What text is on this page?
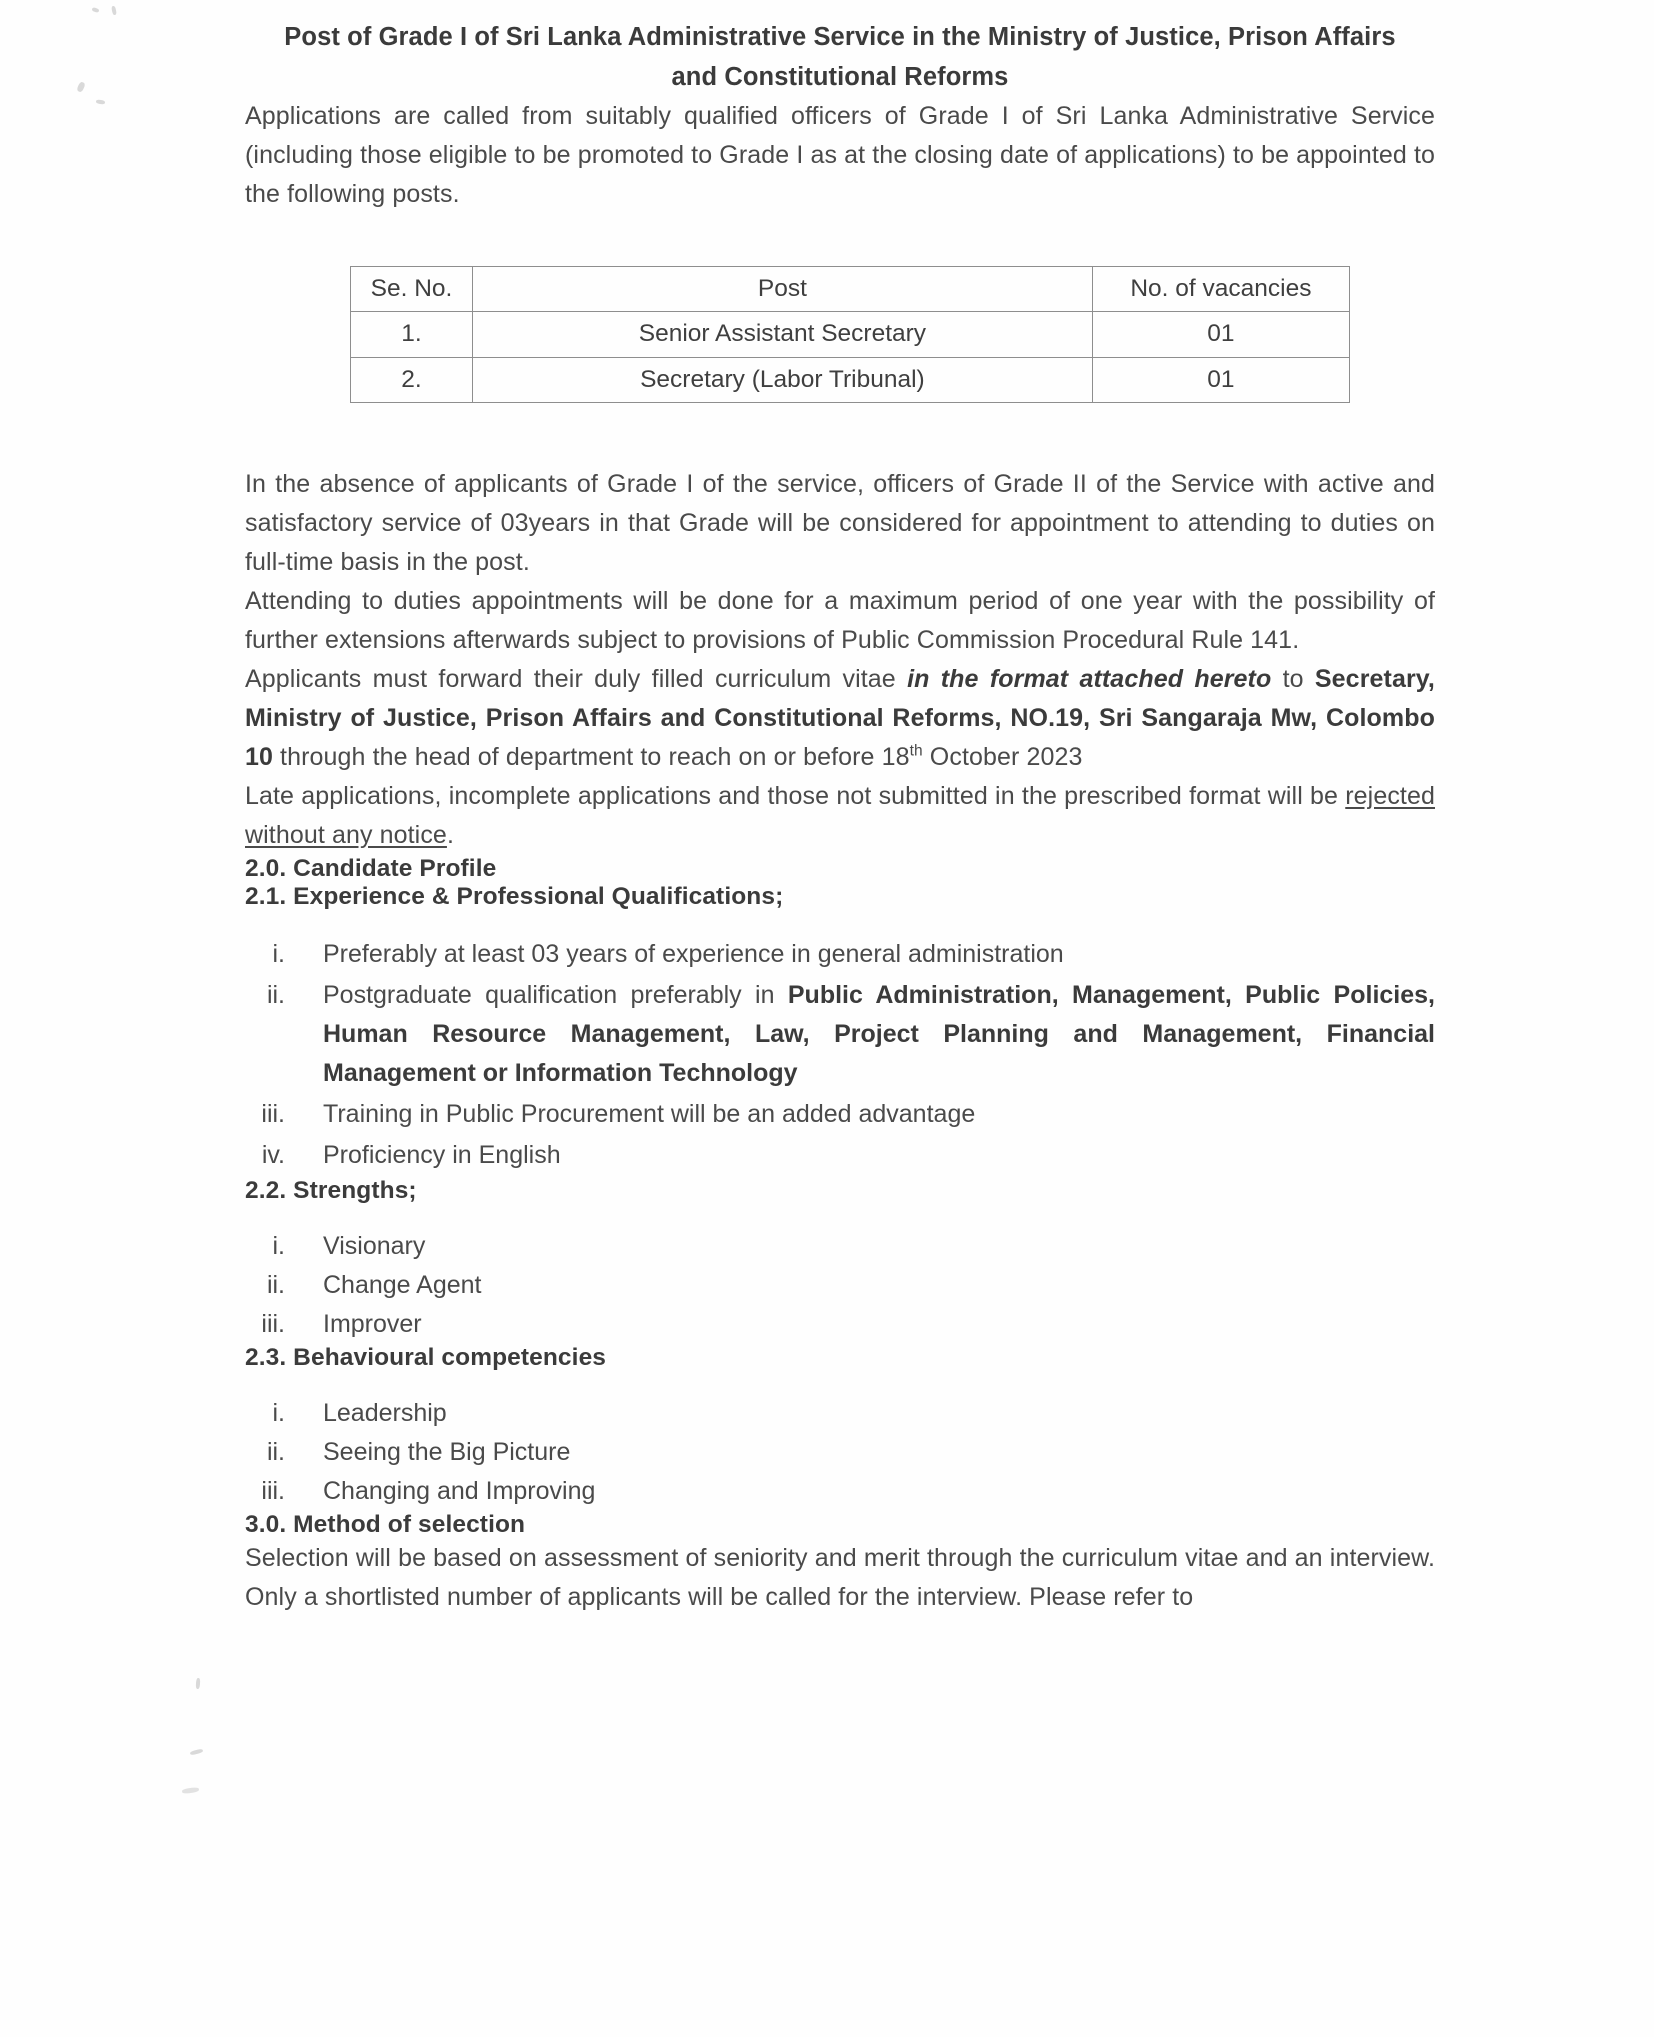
Post of Grade I of Sri Lanka Administrative Service in the Ministry of Justice, Prison Affairs and Constitutional Reforms

Applications are called from suitably qualified officers of Grade I of Sri Lanka Administrative Service (including those eligible to be promoted to Grade I as at the closing date of applications) to be appointed to the following posts.

Se. No.	Post	No. of vacancies
1.	Senior Assistant Secretary	01
2.	Secretary (Labor Tribunal)	01

In the absence of applicants of Grade I of the service, officers of Grade II of the Service with active and satisfactory service of 03years in that Grade will be considered for appointment to attending to duties on full-time basis in the post.

Attending to duties appointments will be done for a maximum period of one year with the possibility of further extensions afterwards subject to provisions of Public Commission Procedural Rule 141.

Applicants must forward their duly filled curriculum vitae in the format attached hereto to Secretary, Ministry of Justice, Prison Affairs and Constitutional Reforms, NO.19, Sri Sangaraja Mw, Colombo 10 through the head of department to reach on or before 18th October 2023

Late applications, incomplete applications and those not submitted in the prescribed format will be rejected without any notice.

2.0. Candidate Profile
2.1. Experience & Professional Qualifications;
i.	Preferably at least 03 years of experience in general administration
ii.	Postgraduate qualification preferably in Public Administration, Management, Public Policies, Human Resource Management, Law, Project Planning and Management, Financial Management or Information Technology
iii.	Training in Public Procurement will be an added advantage
iv.	Proficiency in English
2.2. Strengths;
i.	Visionary
ii.	Change Agent
iii.	Improver
2.3. Behavioural competencies
i.	Leadership
ii.	Seeing the Big Picture
iii.	Changing and Improving
3.0. Method of selection

Selection will be based on assessment of seniority and merit through the curriculum vitae and an interview. Only a shortlisted number of applicants will be called for the interview. Please refer to
